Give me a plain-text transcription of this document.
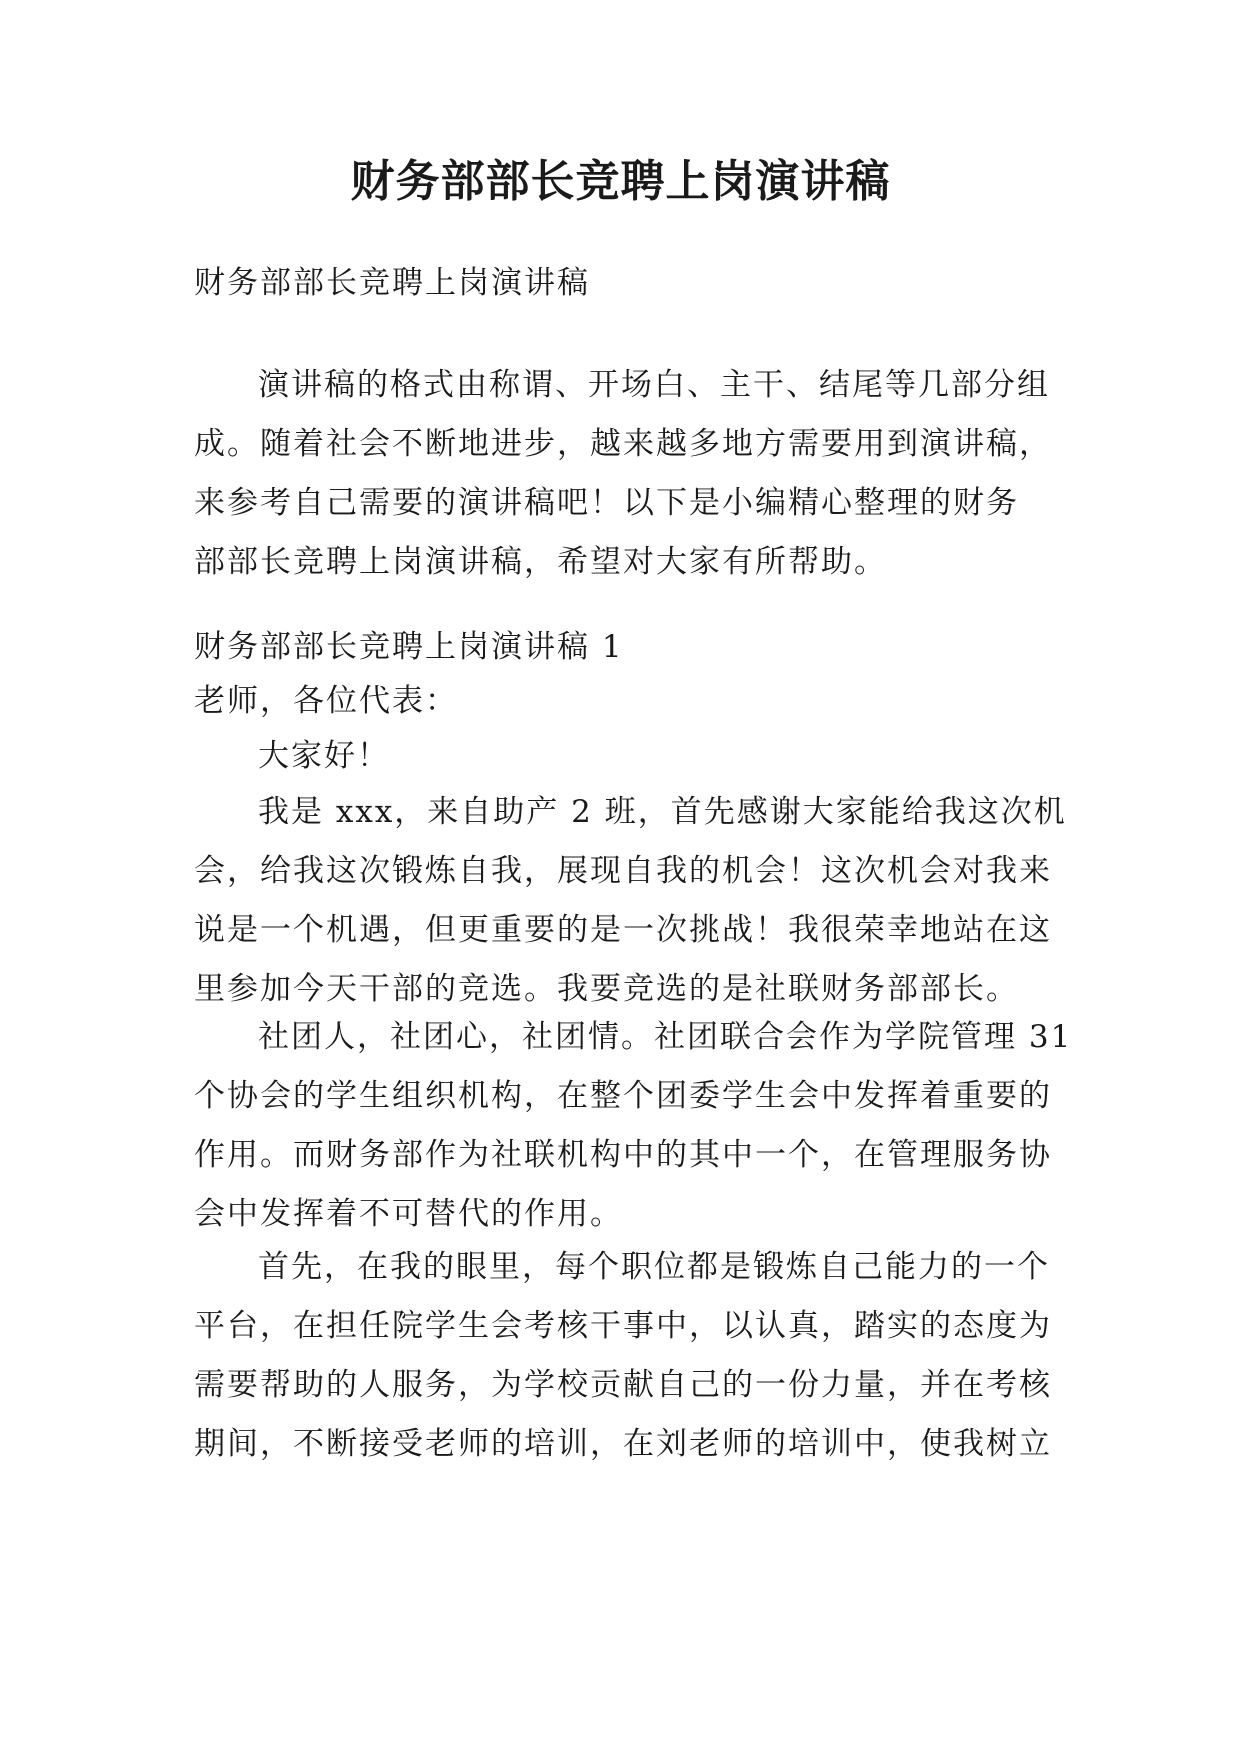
财务部部长竞聘上岗演讲稿

财务部部长竞聘上岗演讲稿

演讲稿的格式由称谓、开场白、主干、结尾等几部分组
成。随着社会不断地进步，越来越多地方需要用到演讲稿，
来参考自己需要的演讲稿吧！以下是小编精心整理的财务
部部长竞聘上岗演讲稿，希望对大家有所帮助。

财务部部长竞聘上岗演讲稿 1

老师，各位代表：

大家好！

我是 xxx，来自助产 2 班，首先感谢大家能给我这次机
会，给我这次锻炼自我，展现自我的机会！这次机会对我来
说是一个机遇，但更重要的是一次挑战！我很荣幸地站在这
里参加今天干部的竞选。我要竞选的是社联财务部部长。

社团人，社团心，社团情。社团联合会作为学院管理 31
个协会的学生组织机构，在整个团委学生会中发挥着重要的
作用。而财务部作为社联机构中的其中一个，在管理服务协
会中发挥着不可替代的作用。

首先，在我的眼里，每个职位都是锻炼自己能力的一个
平台，在担任院学生会考核干事中，以认真，踏实的态度为
需要帮助的人服务，为学校贡献自己的一份力量，并在考核
期间，不断接受老师的培训，在刘老师的培训中，使我树立
